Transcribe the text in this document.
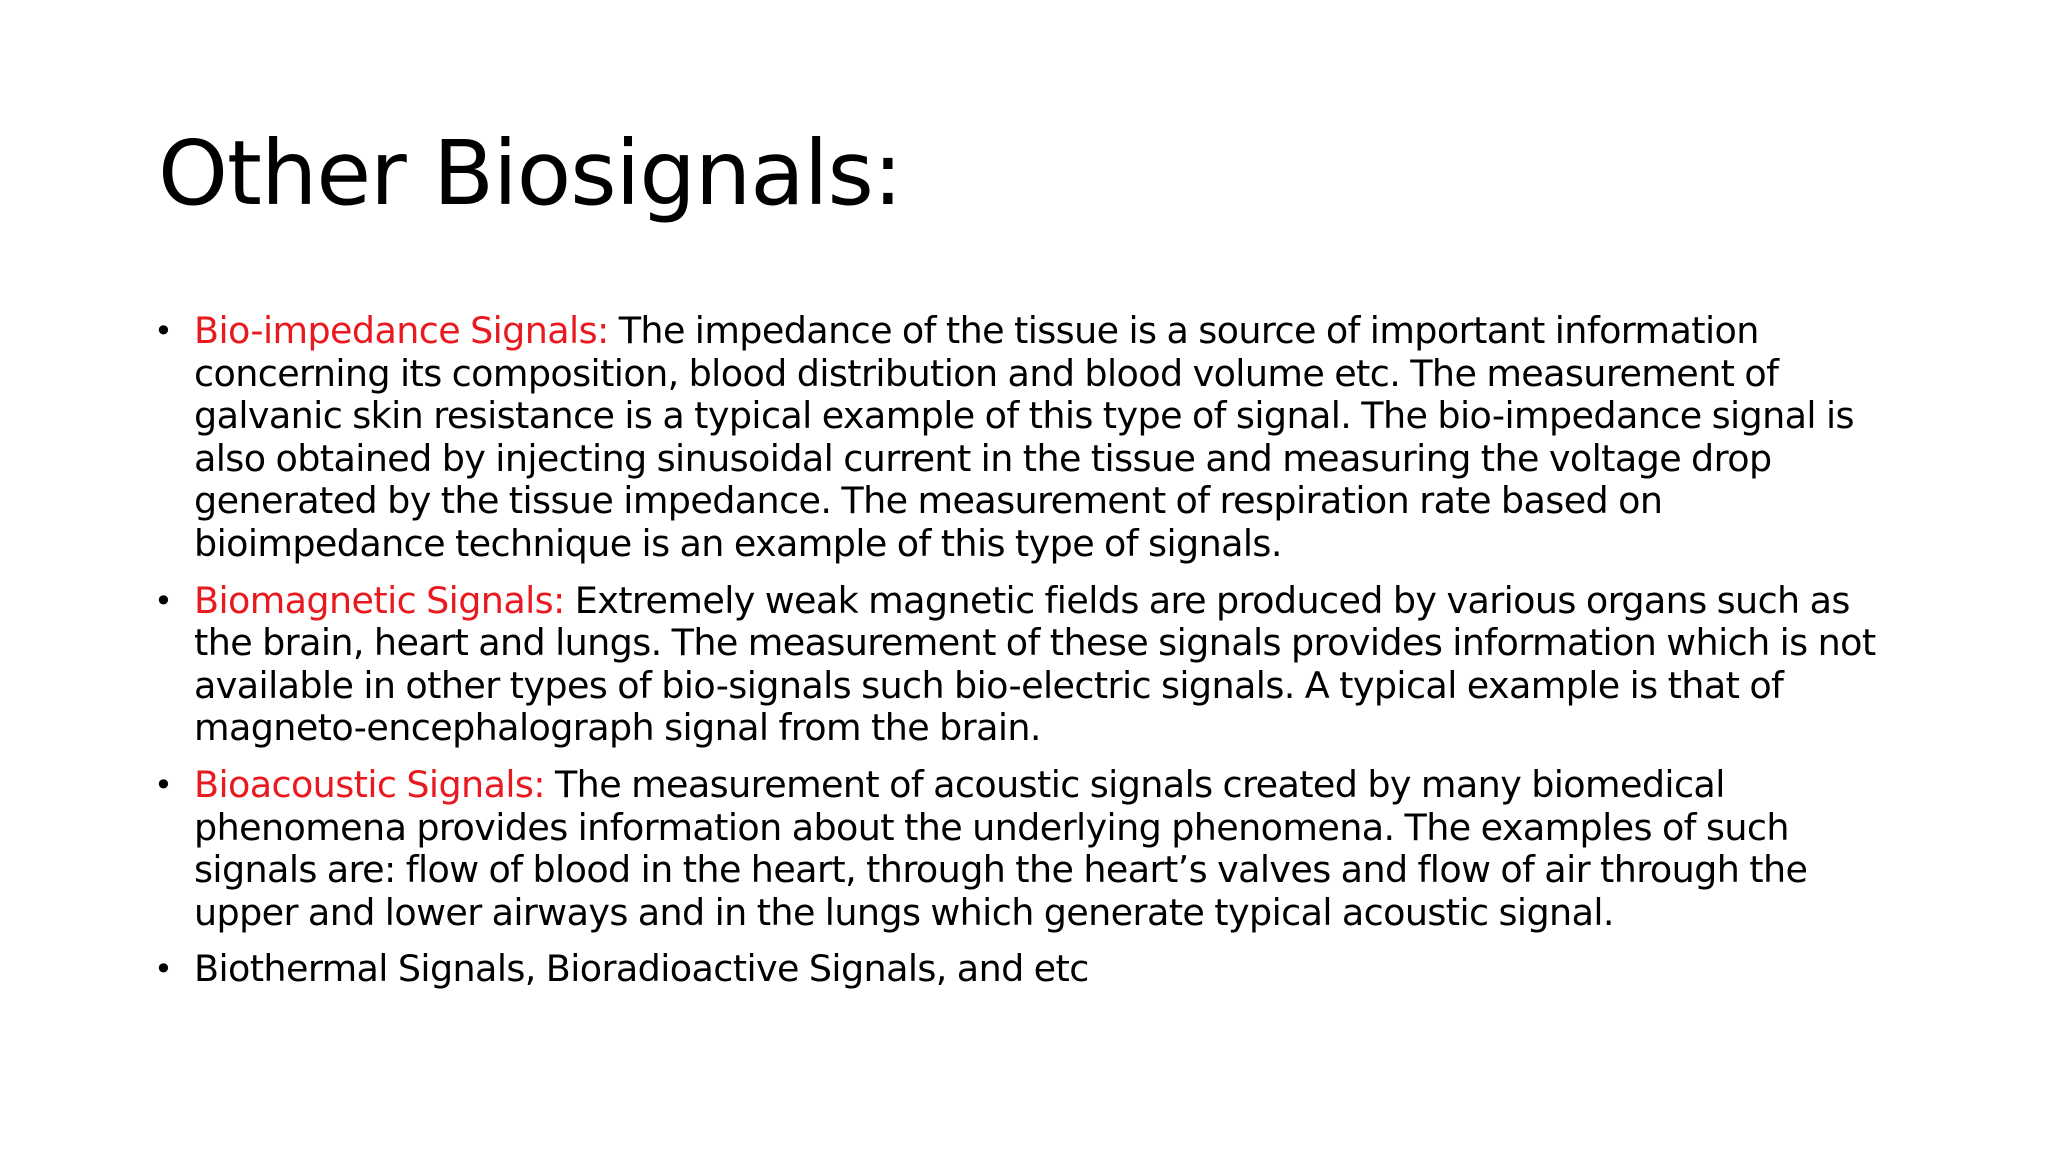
Other Biosignals:
• Bio-impedance Signals: The impedance of the tissue is a source of important information concerning its composition, blood distribution and blood volume etc. The measurement of galvanic skin resistance is a typical example of this type of signal. The bio-impedance signal is also obtained by injecting sinusoidal current in the tissue and measuring the voltage drop generated by the tissue impedance. The measurement of respiration rate based on bioimpedance technique is an example of this type of signals.
• Biomagnetic Signals: Extremely weak magnetic fields are produced by various organs such as the brain, heart and lungs. The measurement of these signals provides information which is not available in other types of bio-signals such bio-electric signals. A typical example is that of magneto-encephalograph signal from the brain.
• Bioacoustic Signals: The measurement of acoustic signals created by many biomedical phenomena provides information about the underlying phenomena. The examples of such signals are: flow of blood in the heart, through the heart’s valves and flow of air through the upper and lower airways and in the lungs which generate typical acoustic signal.
• Biothermal Signals, Bioradioactive Signals, and etc
